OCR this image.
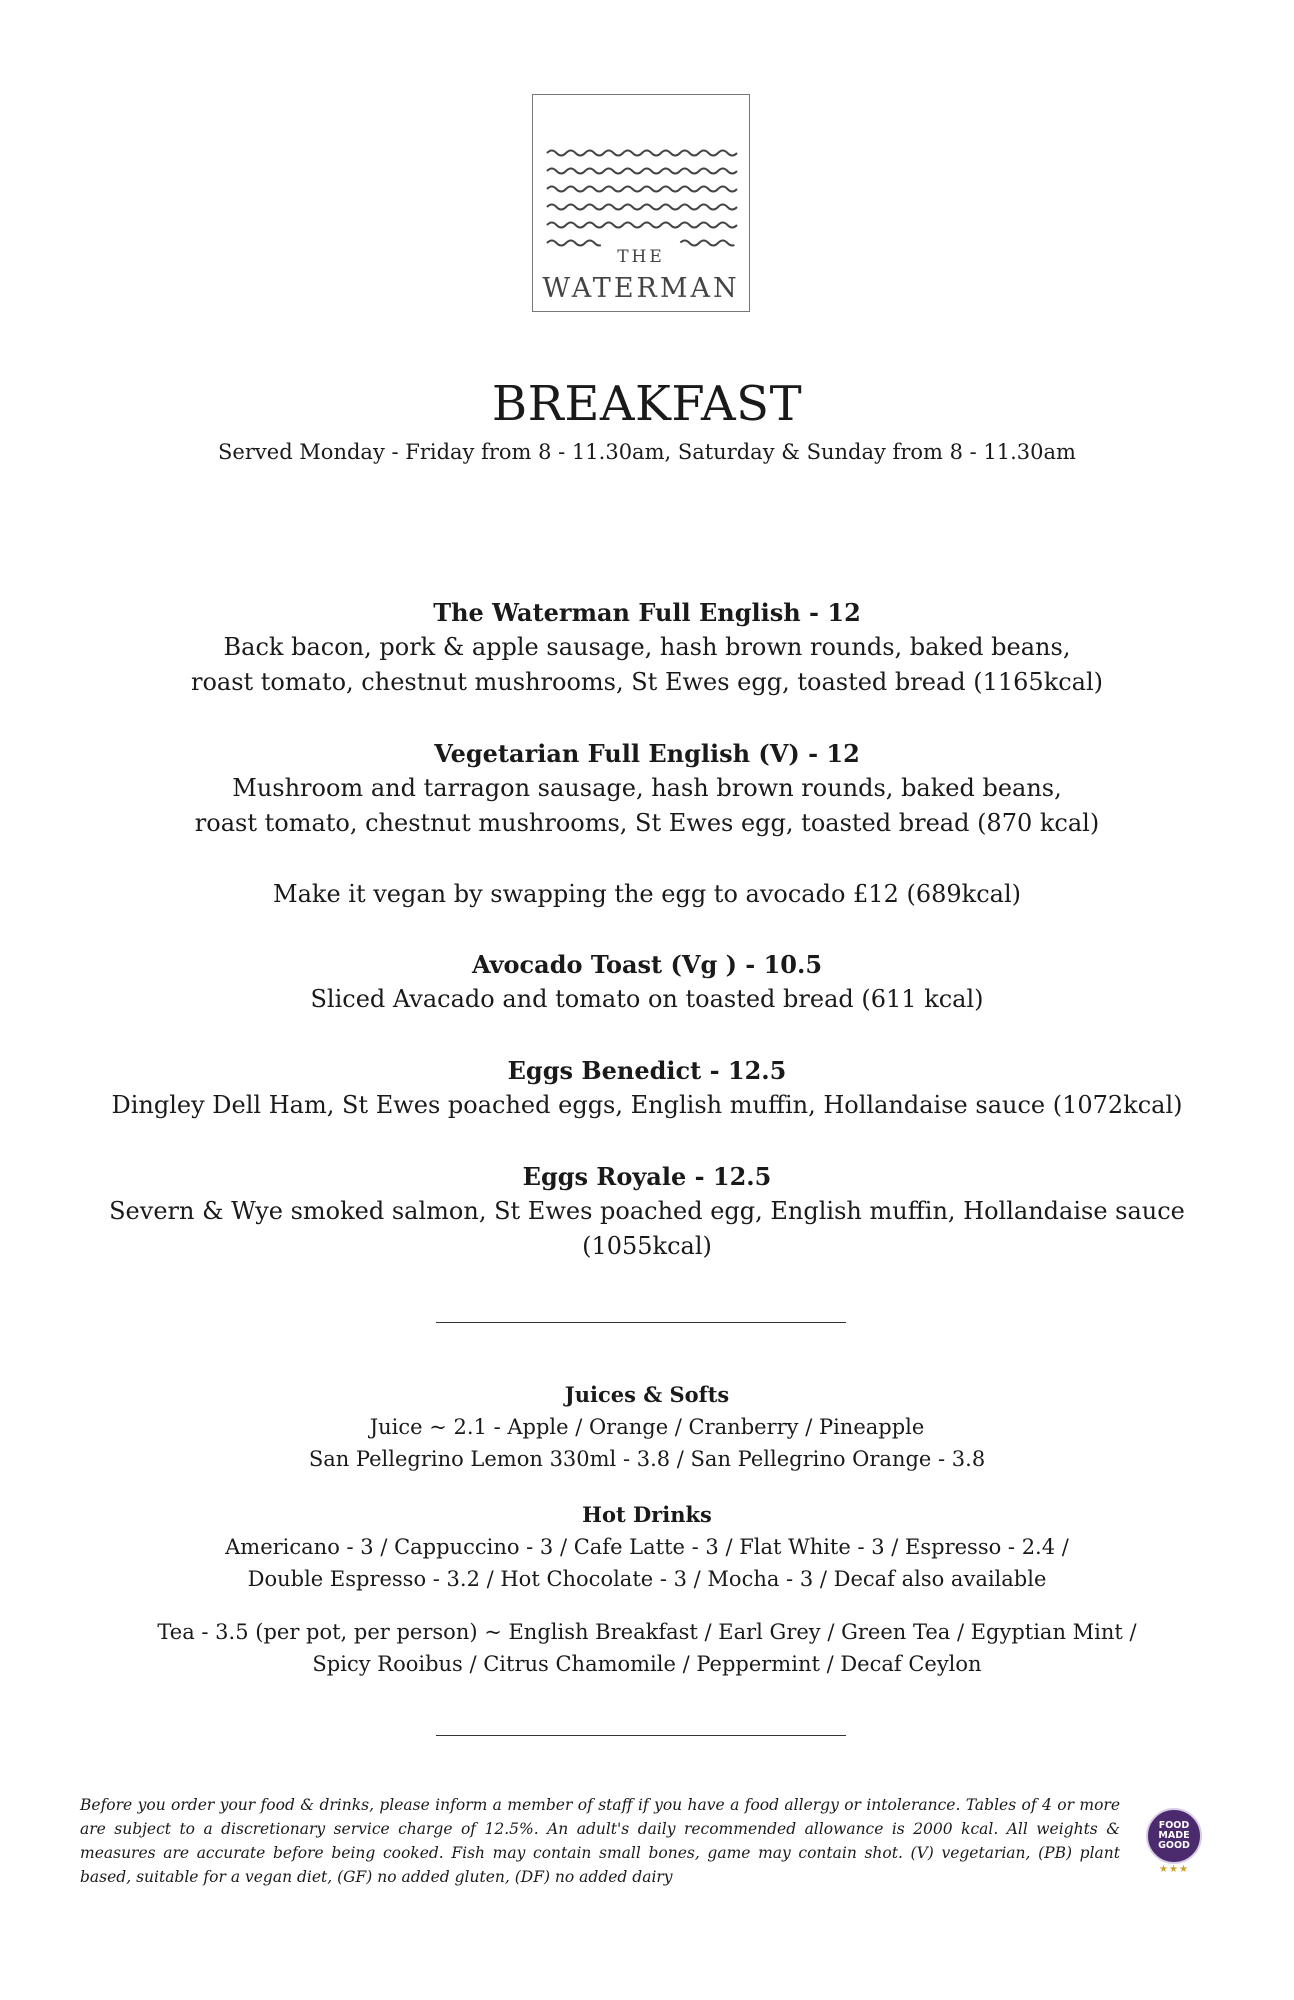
THE
WATERMAN
BREAKFAST
Served Monday - Friday from 8 - 11.30am, Saturday & Sunday from 8 - 11.30am
The Waterman Full English - 12
Back bacon, pork & apple sausage, hash brown rounds, baked beans,
roast tomato, chestnut mushrooms, St Ewes egg, toasted bread (1165kcal)
Vegetarian Full English (V) - 12
Mushroom and tarragon sausage, hash brown rounds, baked beans,
roast tomato, chestnut mushrooms, St Ewes egg, toasted bread (870 kcal)
Make it vegan by swapping the egg to avocado £12 (689kcal)
Avocado Toast (Vg ) - 10.5
Sliced Avacado and tomato on toasted bread (611 kcal)
Eggs Benedict - 12.5
Dingley Dell Ham, St Ewes poached eggs, English muffin, Hollandaise sauce (1072kcal)
Eggs Royale - 12.5
Severn & Wye smoked salmon, St Ewes poached egg, English muffin, Hollandaise sauce
(1055kcal)
Juices & Softs
Juice ~ 2.1 - Apple / Orange / Cranberry / Pineapple
San Pellegrino Lemon 330ml - 3.8 / San Pellegrino Orange - 3.8
Hot Drinks
Americano - 3 / Cappuccino - 3 / Cafe Latte - 3 / Flat White - 3 / Espresso - 2.4 /
Double Espresso - 3.2 / Hot Chocolate - 3 / Mocha - 3 / Decaf also available
Tea - 3.5 (per pot, per person) ~ English Breakfast / Earl Grey / Green Tea / Egyptian Mint /
Spicy Rooibus / Citrus Chamomile / Peppermint / Decaf Ceylon
Before you order your food & drinks, please inform a member of staff if you have a food allergy or intolerance. Tables of 4 or more are subject to a discretionary service charge of 12.5%. An adult's daily recommended allowance is 2000 kcal. All weights & measures are accurate before being cooked. Fish may contain small bones, game may contain shot. (V) vegetarian, (PB) plant based, suitable for a vegan diet, (GF) no added gluten, (DF) no added dairy
FOOD
MADE
GOOD
★★★
